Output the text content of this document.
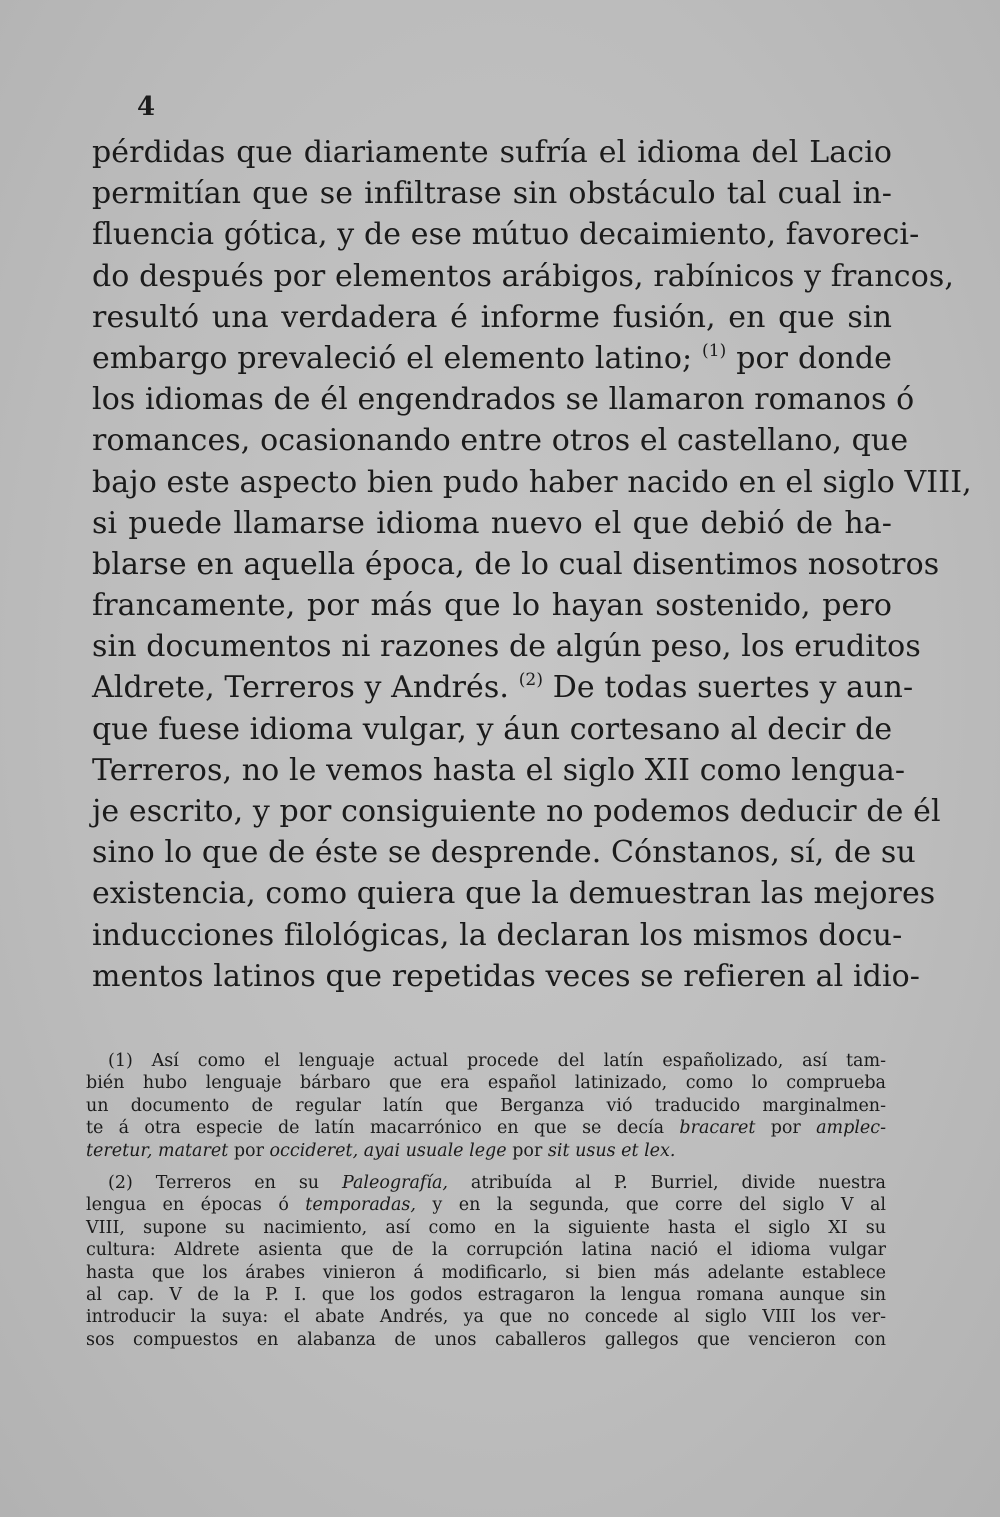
4
pérdidas que diariamente sufría el idioma del Lacio
permitían que se infiltrase sin obstáculo tal cual in-
fluencia gótica, y de ese mútuo decaimiento, favoreci-
do después por elementos arábigos, rabínicos y francos,
resultó una verdadera é informe fusión, en que sin
embargo prevaleció el elemento latino; $^{(1)}$ por donde
los idiomas de él engendrados se llamaron romanos ó
romances, ocasionando entre otros el castellano, que
bajo este aspecto bien pudo haber nacido en el siglo VIII,
si puede llamarse idioma nuevo el que debió de ha-
blarse en aquella época, de lo cual disentimos nosotros
francamente, por más que lo hayan sostenido, pero
sin documentos ni razones de algún peso, los eruditos
Aldrete, Terreros y Andrés. $^{(2)}$ De todas suertes y aun-
que fuese idioma vulgar, y áun cortesano al decir de
Terreros, no le vemos hasta el siglo XII como lengua-
je escrito, y por consiguiente no podemos deducir de él
sino lo que de éste se desprende. Cónstanos, sí, de su
existencia, como quiera que la demuestran las mejores
inducciones filológicas, la declaran los mismos docu-
mentos latinos que repetidas veces se refieren al idio-
(1) Así como el lenguaje actual procede del latín españolizado, así tam-
bién hubo lenguaje bárbaro que era español latinizado, como lo comprueba
un documento de regular latín que Berganza vió traducido marginalmen-
te á otra especie de latín macarrónico en que se decía bracaret por amplec-
teretur, mataret por occideret, ayai usuale lege por sit usus et lex.
(2) Terreros en su Paleografía, atribuída al P. Burriel, divide nuestra
lengua en épocas ó temporadas, y en la segunda, que corre del siglo V al
VIII, supone su nacimiento, así como en la siguiente hasta el siglo XI su
cultura: Aldrete asienta que de la corrupción latina nació el idioma vulgar
hasta que los árabes vinieron á modificarlo, si bien más adelante establece
al cap. V de la P. I. que los godos estragaron la lengua romana aunque sin
introducir la suya: el abate Andrés, ya que no concede al siglo VIII los ver-
sos compuestos en alabanza de unos caballeros gallegos que vencieron con
